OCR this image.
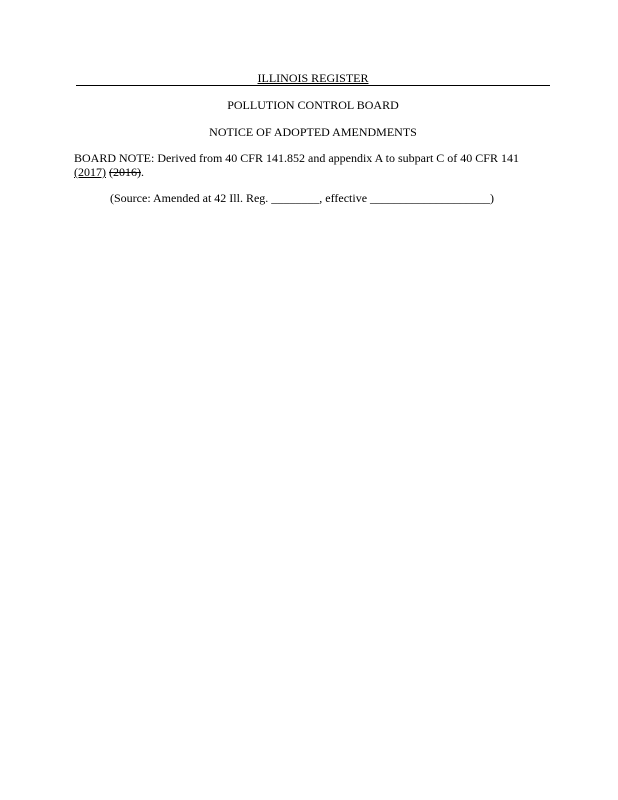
ILLINOIS REGISTER
POLLUTION CONTROL BOARD
NOTICE OF ADOPTED AMENDMENTS
BOARD NOTE: Derived from 40 CFR 141.852 and appendix A to subpart C of 40 CFR 141
(2017) (2016).
(Source: Amended at 42 Ill. Reg. ________, effective ____________________)
